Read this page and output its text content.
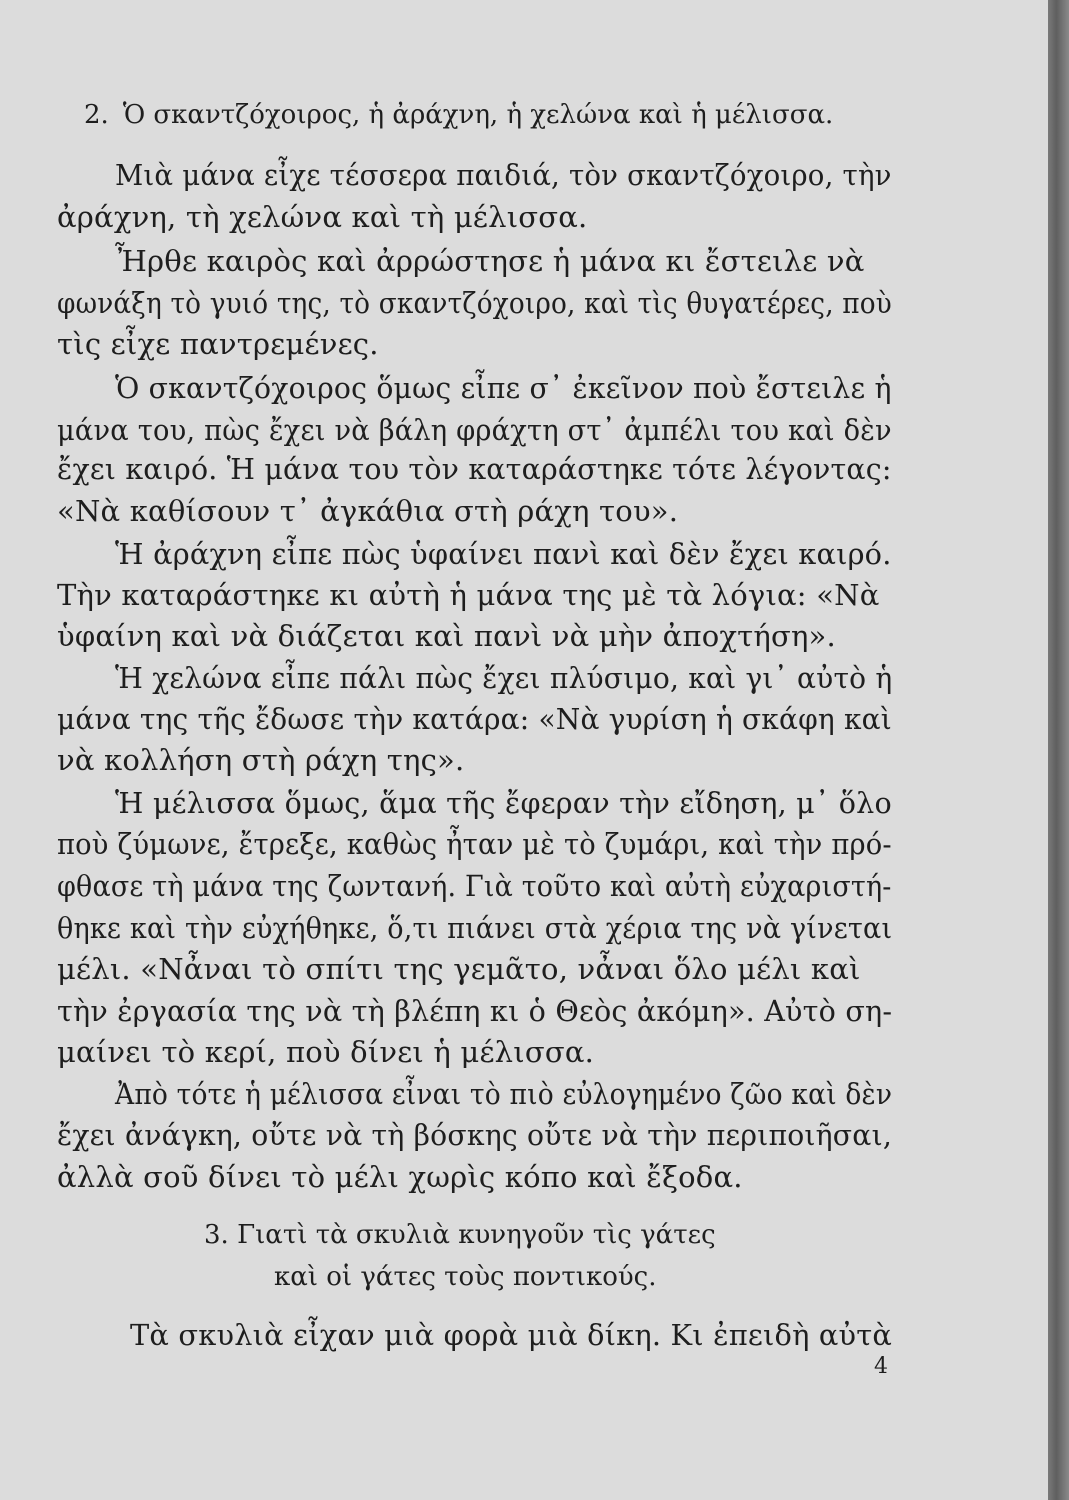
2. Ὁ σκαντζόχοιρος, ἡ ἀράχνη, ἡ χελώνα καὶ ἡ μέλισσα.
Μιὰ μάνα εἶχε τέσσερα παιδιά, τὸν σκαντζόχοιρο, τὴν
ἀράχνη, τὴ χελώνα καὶ τὴ μέλισσα.
Ἦρθε καιρὸς καὶ ἀρρώστησε ἡ μάνα κι ἔστειλε νὰ
φωνάξη τὸ γυιό της, τὸ σκαντζόχοιρο, καὶ τὶς θυγατέρες, ποὺ
τὶς εἶχε παντρεμένες.
Ὁ σκαντζόχοιρος ὅμως εἶπε σ᾿ ἐκεῖνον ποὺ ἔστειλε ἡ
μάνα του, πὼς ἔχει νὰ βάλη φράχτη στ᾿ ἀμπέλι του καὶ δὲν
ἔχει καιρό. Ἡ μάνα του τὸν καταράστηκε τότε λέγοντας:
«Νὰ καθίσουν τ᾿ ἀγκάθια στὴ ράχη του».
Ἡ ἀράχνη εἶπε πὼς ὑφαίνει πανὶ καὶ δὲν ἔχει καιρό.
Τὴν καταράστηκε κι αὐτὴ ἡ μάνα της μὲ τὰ λόγια: «Νὰ
ὑφαίνη καὶ νὰ διάζεται καὶ πανὶ νὰ μὴν ἀποχτήση».
Ἡ χελώνα εἶπε πάλι πὼς ἔχει πλύσιμο, καὶ γι᾿ αὐτὸ ἡ
μάνα της τῆς ἔδωσε τὴν κατάρα: «Νὰ γυρίση ἡ σκάφη καὶ
νὰ κολλήση στὴ ράχη της».
Ἡ μέλισσα ὅμως, ἅμα τῆς ἔφεραν τὴν εἴδηση, μ᾿ ὅλο
ποὺ ζύμωνε, ἔτρεξε, καθὼς ἦταν μὲ τὸ ζυμάρι, καὶ τὴν πρό-
φθασε τὴ μάνα της ζωντανή. Γιὰ τοῦτο καὶ αὐτὴ εὐχαριστή-
θηκε καὶ τὴν εὐχήθηκε, ὅ,τι πιάνει στὰ χέρια της νὰ γίνεται
μέλι. «Νἆναι τὸ σπίτι της γεμᾶτο, νἆναι ὅλο μέλι καὶ
τὴν ἐργασία της νὰ τὴ βλέπη κι ὁ Θεὸς ἀκόμη». Αὐτὸ ση-
μαίνει τὸ κερί, ποὺ δίνει ἡ μέλισσα.
Ἀπὸ τότε ἡ μέλισσα εἶναι τὸ πιὸ εὐλογημένο ζῶο καὶ δὲν
ἔχει ἀνάγκη, οὔτε νὰ τὴ βόσκης οὔτε νὰ τὴν περιποιῆσαι,
ἀλλὰ σοῦ δίνει τὸ μέλι χωρὶς κόπο καὶ ἔξοδα.
3. Γιατὶ τὰ σκυλιὰ κυνηγοῦν τὶς γάτες
καὶ οἱ γάτες τοὺς ποντικούς.
Τὰ σκυλιὰ εἶχαν μιὰ φορὰ μιὰ δίκη. Κι ἐπειδὴ αὐτὰ
4
